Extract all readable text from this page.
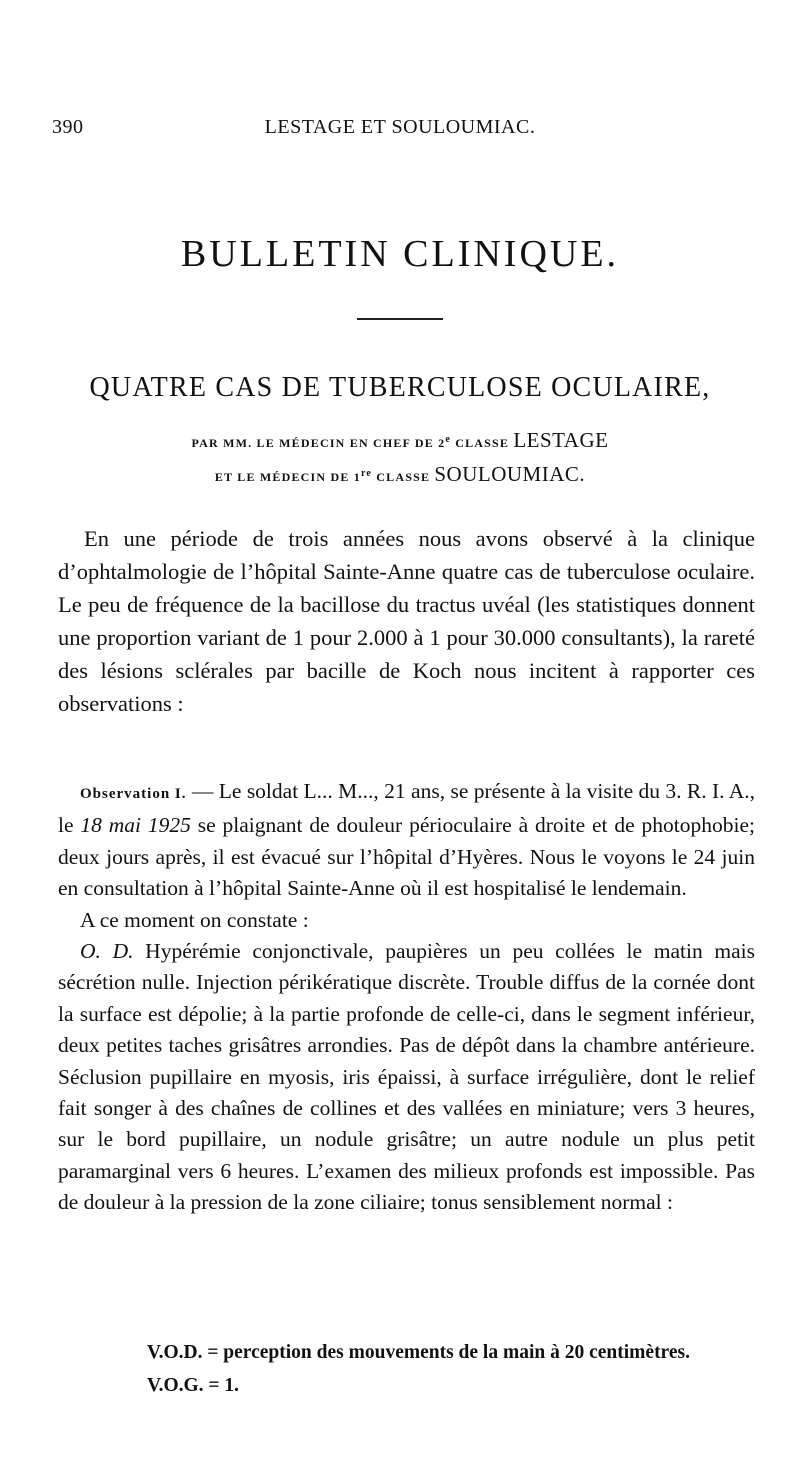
390	LESTAGE ET SOULOUMIAC.
BULLETIN CLINIQUE.
QUATRE CAS DE TUBERCULOSE OCULAIRE,
PAR MM. LE MÉDECIN EN CHEF DE 2e CLASSE LESTAGE
ET LE MÉDECIN DE 1re CLASSE SOULOUMIAC.

En une période de trois années nous avons observé à la clinique d’ophtalmologie de l’hôpital Sainte-Anne quatre cas de tuberculose oculaire. Le peu de fréquence de la bacillose du tractus uvéal (les statistiques donnent une proportion variant de 1 pour 2.000 à 1 pour 30.000 consultants), la rareté des lésions sclérales par bacille de Koch nous incitent à rapporter ces observations :

Observation I. — Le soldat L... M..., 21 ans, se présente à la visite du 3. R. I. A., le 18 mai 1925 se plaignant de douleur périoculaire à droite et de photophobie; deux jours après, il est évacué sur l’hôpital d’Hyères. Nous le voyons le 24 juin en consultation à l’hôpital Sainte-Anne où il est hospitalisé le lendemain.

A ce moment on constate :

O. D. Hypérémie conjonctivale, paupières un peu collées le matin mais sécrétion nulle. Injection périkératique discrète. Trouble diffus de la cornée dont la surface est dépolie; à la partie profonde de celle-ci, dans le segment inférieur, deux petites taches grisâtres arrondies. Pas de dépôt dans la chambre antérieure. Séclusion pupillaire en myosis, iris épaissi, à surface irrégulière, dont le relief fait songer à des chaînes de collines et des vallées en miniature; vers 3 heures, sur le bord pupillaire, un nodule grisâtre; un autre nodule un plus petit paramarginal vers 6 heures. L’examen des milieux profonds est impossible. Pas de douleur à la pression de la zone ciliaire; tonus sensiblement normal :

V.O.D. = perception des mouvements de la main à 20 centimètres.
V.O.G. = 1.
